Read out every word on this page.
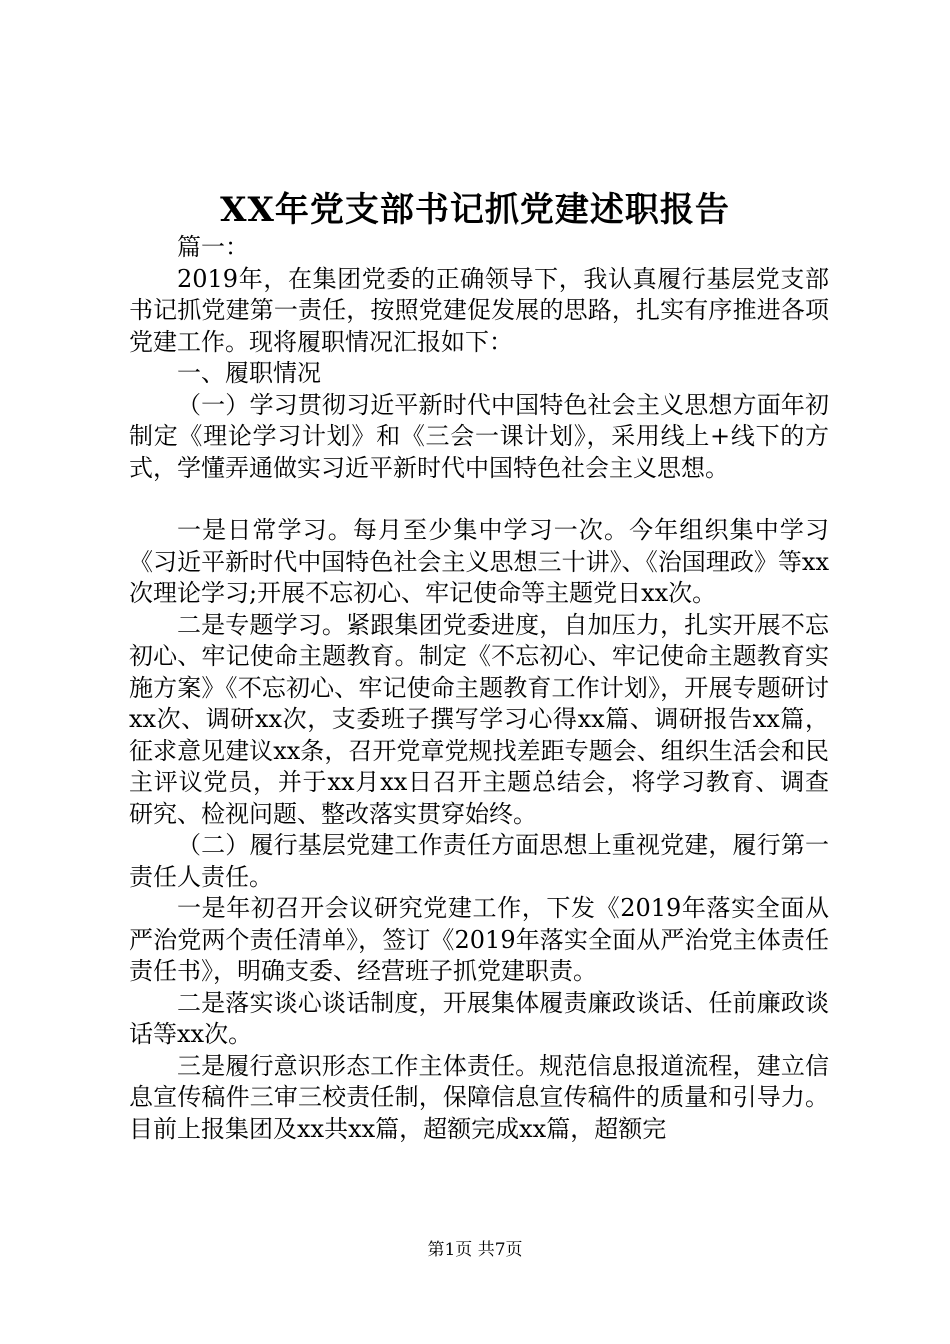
XX年党支部书记抓党建述职报告

篇一：

2019年，在集团党委的正确领导下，我认真履行基层党支部书记抓党建第一责任，按照党建促发展的思路，扎实有序推进各项党建工作。现将履职情况汇报如下：

一、履职情况

（一）学习贯彻习近平新时代中国特色社会主义思想方面年初制定《理论学习计划》和《三会一课计划》，采用线上+线下的方式，学懂弄通做实习近平新时代中国特色社会主义思想。

一是日常学习。每月至少集中学习一次。今年组织集中学习《习近平新时代中国特色社会主义思想三十讲》、《治国理政》等xx次理论学习;开展不忘初心、牢记使命等主题党日xx次。

二是专题学习。紧跟集团党委进度，自加压力，扎实开展不忘初心、牢记使命主题教育。制定《不忘初心、牢记使命主题教育实施方案》《不忘初心、牢记使命主题教育工作计划》，开展专题研讨xx次、调研xx次，支委班子撰写学习心得xx篇、调研报告xx篇，征求意见建议xx条，召开党章党规找差距专题会、组织生活会和民主评议党员，并于xx月xx日召开主题总结会，将学习教育、调查研究、检视问题、整改落实贯穿始终。

（二）履行基层党建工作责任方面思想上重视党建，履行第一责任人责任。

一是年初召开会议研究党建工作，下发《2019年落实全面从严治党两个责任清单》，签订《2019年落实全面从严治党主体责任责任书》，明确支委、经营班子抓党建职责。

二是落实谈心谈话制度，开展集体履责廉政谈话、任前廉政谈话等xx次。

三是履行意识形态工作主体责任。规范信息报道流程，建立信息宣传稿件三审三校责任制，保障信息宣传稿件的质量和引导力。目前上报集团及xx共xx篇，超额完成xx篇，超额完

第1页 共7页
